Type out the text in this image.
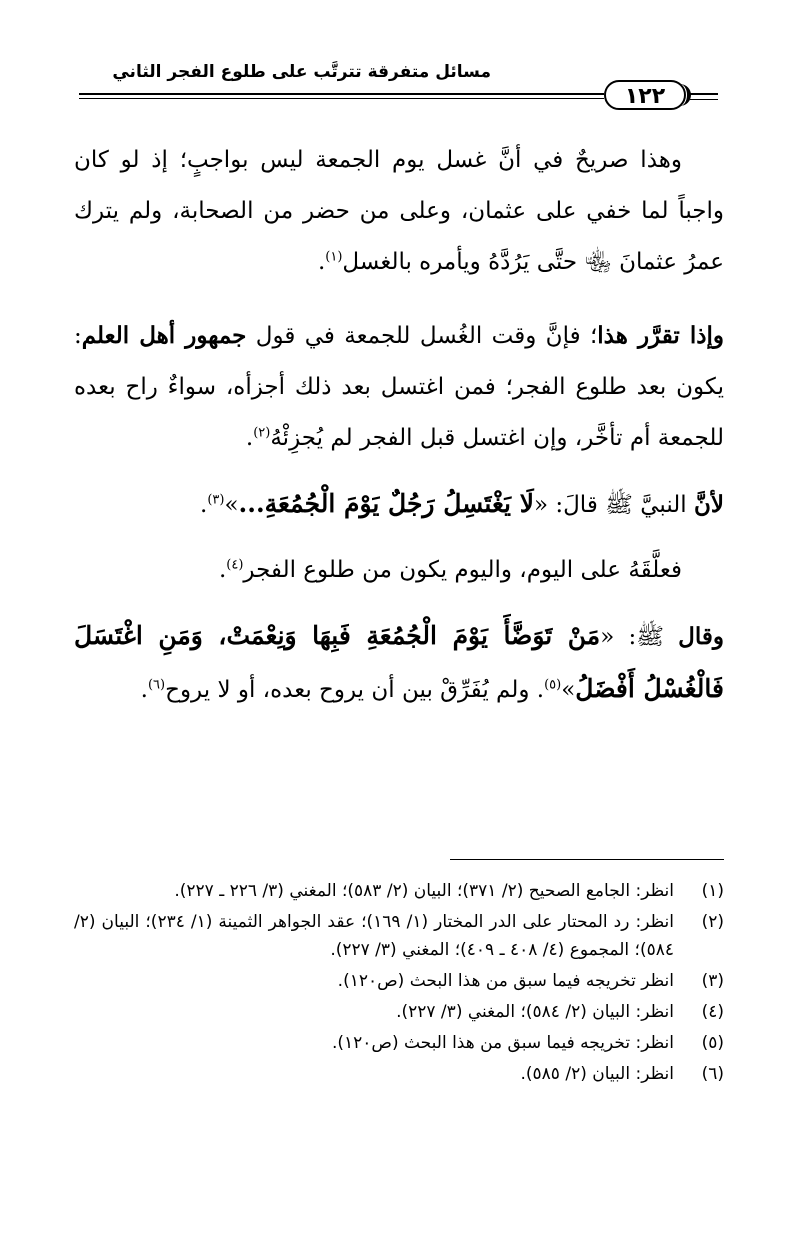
مسائل متفرقة تترتَّب على طلوع الفجر الثاني
١٢٢

وهذا صريحٌ في أنَّ غسل يوم الجمعة ليس بواجبٍ؛ إذ لو كان واجباً لما خفي على عثمان، وعلى من حضر من الصحابة، ولم يترك عمرُ عثمانَ ﵄ حتَّى يَرُدَّهُ ويأمره بالغسل$^{(١)}$.

وإذا تقرَّر هذا؛ فإنَّ وقت الغُسل للجمعة في قول جمهور أهل العلم: يكون بعد طلوع الفجر؛ فمن اغتسل بعد ذلك أجزأه، سواءٌ راح بعده للجمعة أم تأخَّر، وإن اغتسل قبل الفجر لم يُجزِئْهُ$^{(٢)}$.

لأنَّ النبيَّ ﷺ قالَ: «لَا يَغْتَسِلُ رَجُلٌ يَوْمَ الْجُمُعَةِ...»$^{(٣)}$.

فعلَّقَهُ على اليوم، واليوم يكون من طلوع الفجر$^{(٤)}$.

وقال ﷺ: «مَنْ تَوَضَّأَ يَوْمَ الْجُمُعَةِ فَبِهَا وَنِعْمَتْ، وَمَنِ اغْتَسَلَ فَالْغُسْلُ أَفْضَلُ»$^{(٥)}$. ولم يُفَرِّقْ بين أن يروح بعده، أو لا يروح$^{(٦)}$.

(١)
انظر: الجامع الصحيح (٢/ ٣٧١)؛ البيان (٢/ ٥٨٣)؛ المغني (٣/ ٢٢٦ ـ ٢٢٧).

(٢)
انظر: رد المحتار على الدر المختار (١/ ١٦٩)؛ عقد الجواهر الثمينة (١/ ٢٣٤)؛ البيان (٢/ ٥٨٤)؛ المجموع (٤/ ٤٠٨ ـ ٤٠٩)؛ المغني (٣/ ٢٢٧).

(٣)
انظر تخريجه فيما سبق من هذا البحث (ص١٢٠).

(٤)
انظر: البيان (٢/ ٥٨٤)؛ المغني (٣/ ٢٢٧).

(٥)
انظر: تخريجه فيما سبق من هذا البحث (ص١٢٠).

(٦)
انظر: البيان (٢/ ٥٨٥).
